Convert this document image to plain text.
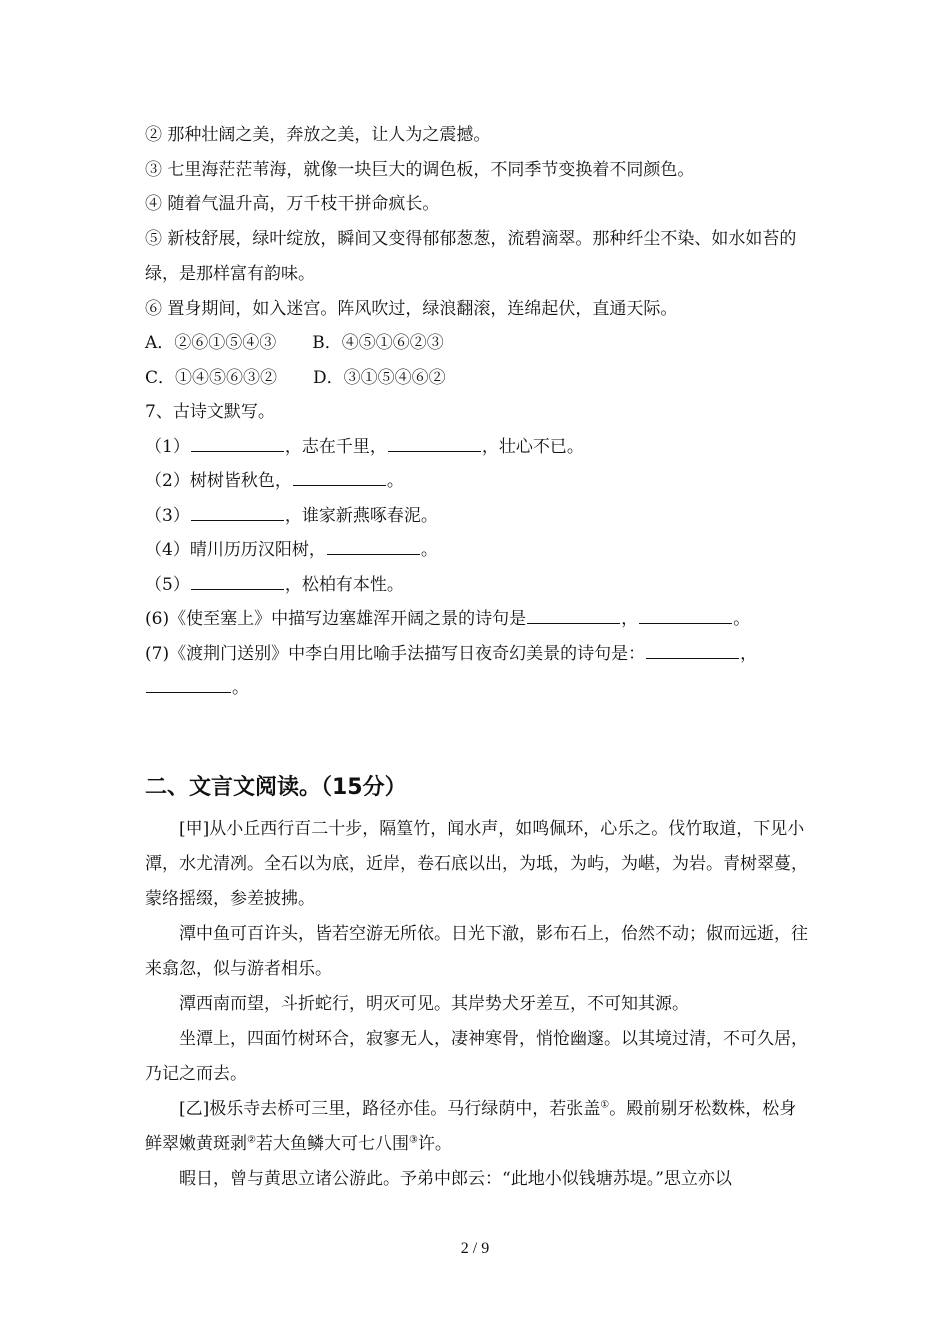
② 那种壮阔之美，奔放之美，让人为之震撼。
③ 七里海茫茫苇海，就像一块巨大的调色板，不同季节变换着不同颜色。
④ 随着气温升高，万千枝干拼命疯长。
⑤ 新枝舒展，绿叶绽放，瞬间又变得郁郁葱葱，流碧滴翠。那种纤尘不染、如水如苔的绿，是那样富有韵味。
⑥ 置身期间，如入迷宫。阵风吹过，绿浪翻滚，连绵起伏，直通天际。
A．②⑥①⑤④③ B．④⑤①⑥②③
C．①④⑤⑥③② D．③①⑤④⑥②
7、古诗文默写。
（1）	，志在千里，	，壮心不已。
（2）树树皆秋色，	。
（3）	，谁家新燕啄春泥。
（4）晴川历历汉阳树，	。
（5）	，松柏有本性。
(6)《使至塞上》中描写边塞雄浑开阔之景的诗句是	，	。
(7)《渡荆门送别》中李白用比喻手法描写日夜奇幻美景的诗句是：	，
。
二、文言文阅读。（15分）
[甲]从小丘西行百二十步，隔篁竹，闻水声，如鸣佩环，心乐之。伐竹取道，下见小潭，水尤清冽。全石以为底，近岸，卷石底以出，为坻，为屿，为嵁，为岩。青树翠蔓，蒙络摇缀，参差披拂。
潭中鱼可百许头，皆若空游无所依。日光下澈，影布石上，佁然不动；俶而远逝，往来翕忽，似与游者相乐。
潭西南而望，斗折蛇行，明灭可见。其岸势犬牙差互，不可知其源。
坐潭上，四面竹树环合，寂寥无人，凄神寒骨，悄怆幽邃。以其境过清，不可久居，乃记之而去。
[乙]极乐寺去桥可三里，路径亦佳。马行绿荫中，若张盖①。殿前剔牙松数株，松身鲜翠嫩黄斑剥②若大鱼鳞大可七八围③许。
暇日，曾与黄思立诸公游此。予弟中郎云：“此地小似钱塘苏堤。”思立亦以
2 / 9
